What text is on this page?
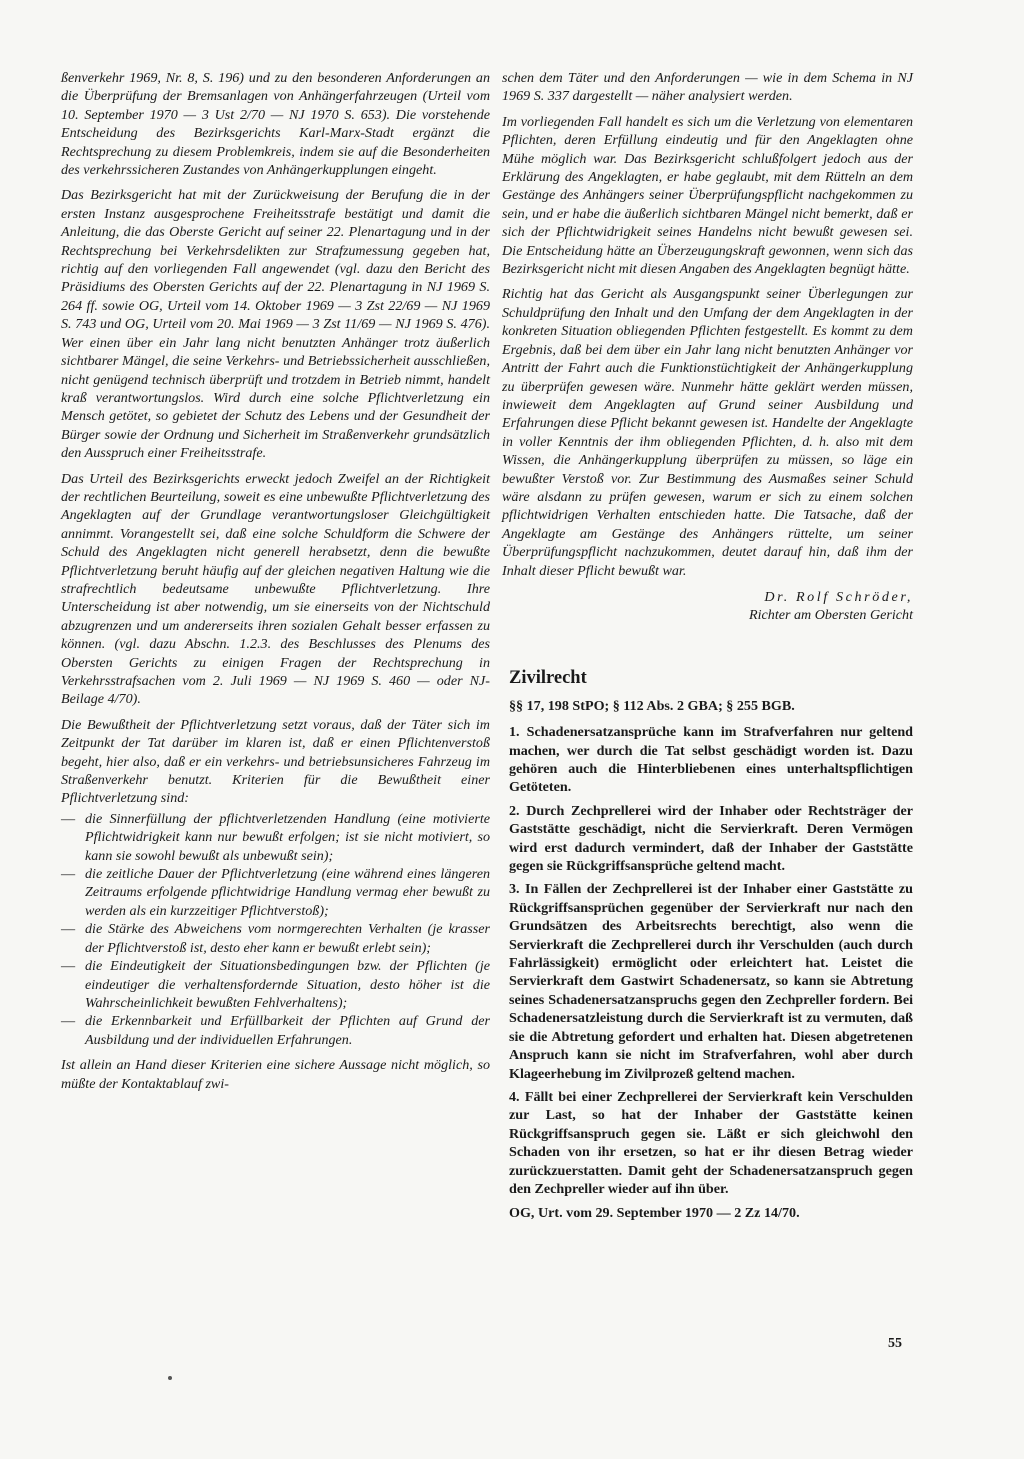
ßenverkehr 1969, Nr. 8, S. 196) und zu den besonderen Anforderungen an die Überprüfung der Bremsanlagen von Anhängerfahrzeugen (Urteil vom 10. September 1970 — 3 Ust 2/70 — NJ 1970 S. 653). Die vorstehende Entscheidung des Bezirksgerichts Karl-Marx-Stadt ergänzt die Rechtsprechung zu diesem Problemkreis, indem sie auf die Besonderheiten des verkehrssicheren Zustandes von Anhängerkupplungen eingeht.

Das Bezirksgericht hat mit der Zurückweisung der Berufung die in der ersten Instanz ausgesprochene Freiheitsstrafe bestätigt und damit die Anleitung, die das Oberste Gericht auf seiner 22. Plenartagung und in der Rechtsprechung bei Verkehrsdelikten zur Strafzumessung gegeben hat, richtig auf den vorliegenden Fall angewendet (vgl. dazu den Bericht des Präsidiums des Obersten Gerichts auf der 22. Plenartagung in NJ 1969 S. 264 ff. sowie OG, Urteil vom 14. Oktober 1969 — 3 Zst 22/69 — NJ 1969 S. 743 und OG, Urteil vom 20. Mai 1969 — 3 Zst 11/69 — NJ 1969 S. 476). Wer einen über ein Jahr lang nicht benutzten Anhänger trotz äußerlich sichtbarer Mängel, die seine Verkehrs- und Betriebssicherheit ausschließen, nicht genügend technisch überprüft und trotzdem in Betrieb nimmt, handelt kraß verantwortungslos. Wird durch eine solche Pflichtverletzung ein Mensch getötet, so gebietet der Schutz des Lebens und der Gesundheit der Bürger sowie der Ordnung und Sicherheit im Straßenverkehr grundsätzlich den Ausspruch einer Freiheitsstrafe.

Das Urteil des Bezirksgerichts erweckt jedoch Zweifel an der Richtigkeit der rechtlichen Beurteilung, soweit es eine unbewußte Pflichtverletzung des Angeklagten auf der Grundlage verantwortungsloser Gleichgültigkeit annimmt. Vorangestellt sei, daß eine solche Schuldform die Schwere der Schuld des Angeklagten nicht generell herabsetzt, denn die bewußte Pflichtverletzung beruht häufig auf der gleichen negativen Haltung wie die strafrechtlich bedeutsame unbewußte Pflichtverletzung. Ihre Unterscheidung ist aber notwendig, um sie einerseits von der Nichtschuld abzugrenzen und um andererseits ihren sozialen Gehalt besser erfassen zu können. (vgl. dazu Abschn. 1.2.3. des Beschlusses des Plenums des Obersten Gerichts zu einigen Fragen der Rechtsprechung in Verkehrsstrafsachen vom 2. Juli 1969 — NJ 1969 S. 460 — oder NJ-Beilage 4/70).

Die Bewußtheit der Pflichtverletzung setzt voraus, daß der Täter sich im Zeitpunkt der Tat darüber im klaren ist, daß er einen Pflichtenverstoß begeht, hier also, daß er ein verkehrs- und betriebsunsicheres Fahrzeug im Straßenverkehr benutzt. Kriterien für die Bewußtheit einer Pflichtverletzung sind:

— die Sinnerfüllung der pflichtverletzenden Handlung (eine motivierte Pflichtwidrigkeit kann nur bewußt erfolgen; ist sie nicht motiviert, so kann sie sowohl bewußt als unbewußt sein);
— die zeitliche Dauer der Pflichtverletzung (eine während eines längeren Zeitraums erfolgende pflichtwidrige Handlung vermag eher bewußt zu werden als ein kurzzeitiger Pflichtverstoß);
— die Stärke des Abweichens vom normgerechten Verhalten (je krasser der Pflichtverstoß ist, desto eher kann er bewußt erlebt sein);
— die Eindeutigkeit der Situationsbedingungen bzw. der Pflichten (je eindeutiger die verhaltensfordernde Situation, desto höher ist die Wahrscheinlichkeit bewußten Fehlverhaltens);
— die Erkennbarkeit und Erfüllbarkeit der Pflichten auf Grund der Ausbildung und der individuellen Erfahrungen.

Ist allein an Hand dieser Kriterien eine sichere Aussage nicht möglich, so müßte der Kontaktablauf zwi-

schen dem Täter und den Anforderungen — wie in dem Schema in NJ 1969 S. 337 dargestellt — näher analysiert werden.

Im vorliegenden Fall handelt es sich um die Verletzung von elementaren Pflichten, deren Erfüllung eindeutig und für den Angeklagten ohne Mühe möglich war. Das Bezirksgericht schlußfolgert jedoch aus der Erklärung des Angeklagten, er habe geglaubt, mit dem Rütteln an dem Gestänge des Anhängers seiner Überprüfungspflicht nachgekommen zu sein, und er habe die äußerlich sichtbaren Mängel nicht bemerkt, daß er sich der Pflichtwidrigkeit seines Handelns nicht bewußt gewesen sei. Die Entscheidung hätte an Überzeugungskraft gewonnen, wenn sich das Bezirksgericht nicht mit diesen Angaben des Angeklagten begnügt hätte.

Richtig hat das Gericht als Ausgangspunkt seiner Überlegungen zur Schuldprüfung den Inhalt und den Umfang der dem Angeklagten in der konkreten Situation obliegenden Pflichten festgestellt. Es kommt zu dem Ergebnis, daß bei dem über ein Jahr lang nicht benutzten Anhänger vor Antritt der Fahrt auch die Funktionstüchtigkeit der Anhängerkupplung zu überprüfen gewesen wäre. Nunmehr hätte geklärt werden müssen, inwieweit dem Angeklagten auf Grund seiner Ausbildung und Erfahrungen diese Pflicht bekannt gewesen ist. Handelte der Angeklagte in voller Kenntnis der ihm obliegenden Pflichten, d. h. also mit dem Wissen, die Anhängerkupplung überprüfen zu müssen, so läge ein bewußter Verstoß vor. Zur Bestimmung des Ausmaßes seiner Schuld wäre alsdann zu prüfen gewesen, warum er sich zu einem solchen pflichtwidrigen Verhalten entschieden hatte. Die Tatsache, daß der Angeklagte am Gestänge des Anhängers rüttelte, um seiner Überprüfungspflicht nachzukommen, deutet darauf hin, daß ihm der Inhalt dieser Pflicht bewußt war.

Dr. Rolf Schröder,

Richter am Obersten Gericht

Zivilrecht
§§ 17, 198 StPO; § 112 Abs. 2 GBA; § 255 BGB.

1. Schadenersatzansprüche kann im Strafverfahren nur geltend machen, wer durch die Tat selbst geschädigt worden ist. Dazu gehören auch die Hinterbliebenen eines unterhaltspflichtigen Getöteten.

2. Durch Zechprellerei wird der Inhaber oder Rechtsträger der Gaststätte geschädigt, nicht die Servierkraft. Deren Vermögen wird erst dadurch vermindert, daß der Inhaber der Gaststätte gegen sie Rückgriffsansprüche geltend macht.

3. In Fällen der Zechprellerei ist der Inhaber einer Gaststätte zu Rückgriffsansprüchen gegenüber der Servierkraft nur nach den Grundsätzen des Arbeitsrechts berechtigt, also wenn die Servierkraft die Zechprellerei durch ihr Verschulden (auch durch Fahrlässigkeit) ermöglicht oder erleichtert hat. Leistet die Servierkraft dem Gastwirt Schadenersatz, so kann sie Abtretung seines Schadenersatzanspruchs gegen den Zechpreller fordern. Bei Schadenersatzleistung durch die Servierkraft ist zu vermuten, daß sie die Abtretung gefordert und erhalten hat. Diesen abgetretenen Anspruch kann sie nicht im Strafverfahren, wohl aber durch Klageerhebung im Zivilprozeß geltend machen.

4. Fällt bei einer Zechprellerei der Servierkraft kein Verschulden zur Last, so hat der Inhaber der Gaststätte keinen Rückgriffsanspruch gegen sie. Läßt er sich gleichwohl den Schaden von ihr ersetzen, so hat er ihr diesen Betrag wieder zurückzuerstatten. Damit geht der Schadenersatzanspruch gegen den Zechpreller wieder auf ihn über.

OG, Urt. vom 29. September 1970 — 2 Zz 14/70.
55
